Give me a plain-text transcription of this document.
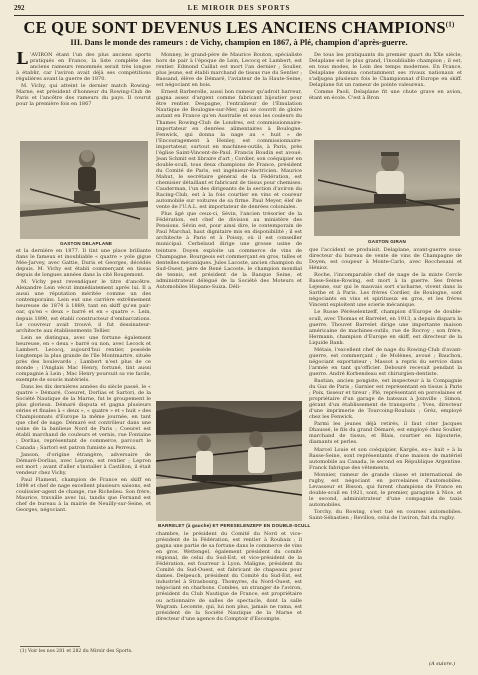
292	LE MIROIR DES SPORTS
CE QUE SONT DEVENUS LES ANCIENS CHAMPIONS$^{(1)}$
III. Dans le monde des rameurs : de Vichy, champion en 1867, à Plé, champion d'après-guerre.

L 'AVIRON étant l'un des plus anciens sports pratiqués en France, la liste complète des anciens rameurs renommés serait très longue à établir, car l'aviron avait déjà ses compétitions régulières avant la guerre de 1870.

M. Vichy, qui atteint le dernier match Rowing-Marne, est président d'honneur du Rowing-Club de Paris et l'ancêtre des rameurs du pays. Il courut pour la première fois en 1867

GASTON DELAPLANE

et la dernière en 1877. Il tint une place brillante dans le fameux et inoubliable « quatre » yole gigue Mée-Jarvey, avec Gattie, Duris et Georges, décédés depuis. M. Vichy est établi commerçant en tissus depuis de longues années dans la cité Rougemont.

M. Vichy peut revendiquer le titre d'ancêtre. Alexandre Lein vécut immédiatement après lui. Il a aussi une réputation méritée comme un des contemporains. Lein eut une carrière extrêmement heureuse de 1874 à 1889, tant en skiff qu'en pair-oar, qu'en « deux » barré et en « quatre ». Lein, depuis 1890, est établi constructeur d'embarcations. Le couvreur avait trouvé, il fut dessinateur-architecte aux établissements Tellier.

Lein se distingua, avec une fortune également heureuse, en « deux » barré ou non, avec Lecock et Lambert. Lecocq, aujourd'hui rentier, possède longtemps la plus grande de l'île Montmartre, située près des boulevards ; Lambert n'est plus de ce monde ; l'Anglais Mac Henry, fortuné, tint aussi compagnie à Lein ; Mac Henry poursuit sa vie facile, exempte de soucis matériels.

Dans les dix dernières années du siècle passé, le « quatre » Démaré, Coeuret, Dorlias et Sartori, de la Société Nautique de la Marne, fut le groupement le plus glorieux. Démaré disputa et gagna plusieurs séries et finales à « deux », « quatre » et « huit » des Championnats d'Europe la même journée, en tant que chef de nage. Démaré est contrôleur dans une usine de la banlieue Nord de Paris ; Coeuret est établi marchand de couleurs et vernis, rue Fontaine ; Dorlias, représentant de commerce, parcourt le Canada ; Sartori est patron fumiste au Perreux.

Janson, d'origine étrangère, adversaire de Démaré-Dorlias, avec Lepron, est rentier ; Lepron est mort ; avant d'aller s'installer à Castillon, il était vendeur chez Vichy.

Paul Flament, champion de France en skiff en 1898 et chef de nage excellent plusieurs saisons, est coulissier-agent de change, rue Richelieu. Son frère, Maurice, travaille avec lui, tandis que Fernand est chef de bureau à la mairie de Neuilly-sur-Seine, et Georges, négociant.

Monney, le grand-père de Maurice Bouton, spécialiste hors de pair à l'époque de Lein, Lecocq et Lambert, est rentier. Edmond Caillat est mort l'an dernier ; Soulier, plus jeune, est établi marchand de tissus rue du Sentier ; Bassand, élève de Démaré, l'aviateur de la Haute-Seine, est négociant en bois.

Ernest Barberolle, aussi bon rameur qu'adroit barreur, gagna assez d'argent comme fabricant bijoutier pour être rentier. Despagne, l'entraîneur de l'Émulation Nautique de Boulogne-sur-Mer, qui se couvrit de gloire autant en France qu'en Australie et sous les couleurs du Thames Rowing-Club de Londres, est commissionnaire-importateur en denrées alimentaires à Boulogne. Fenwick, qui donna la nage au « huit » de l'Encouragement à Henley, est commissionnaire-importateur, surtout en machines-outils, à Paris, près l'église Saint-Vincent-de-Paul. Francis Boudin est avoué. Jean Schmit est libraire d'art ; Cordier, son coéquipier en double-scull, tous deux champions de France, président du Comité de Paris, est ingénieur-électricien. Maurice Mahut, le secrétaire général de la Fédération, est chemisier détaillant et fabricant de tissus pour chemises. Cauderman, l'un des dirigeants de la section d'aviron du Racing-Club, est à la fois courtier en vins et coureur automobile sur voitures de sa firme. Paul Meyer, élef de vente de l'U.A.L. est importateur de denrées coloniales.

Plus âgé que ceux-ci, Sévin, l'ancien trésorier de la Fédération, est chef de division au ministère des Pensions. Sévin est, pour ainsi dire, le contemporain de Paul Marchal, haut dignitaire mis en disponibilité ; il est architecte à Paris et à Poissy, où il est conseiller municipal. Cerbelaud dirige une grosse usine de teinture. Doyen exploite un commerce de vins de Champagne. Bourgeois est commerçant en gros, tulles et dentelles mécaniques. Jules Lacoste, ancien champion du Sud-Ouest, père de René Lacoste, le champion mondial de tennis, est président de la Banque Seine, et administrateur délégué de la Société des Moteurs et Automobiles Hispano-Suiza. Déli-

De tous les pratiquants du premier quart du XXe siècle, Delaplane est le plus grand, l'inoubliable champion ; il est, en tous modes, le Lein des temps modernes. En France, Delaplane domina constamment ses rivaux nationaux et s'adjugea plusieurs fois le Championnat d'Europe en skiff. Delaplane fut un rameur de pointe valeureux.

Comme Paoli, Delaplane fit une chute grave en avion, étant en école. C'est à Bron

GASTON GIRAN

que l'accident se produisit. Delaplane, avant-guerre sous-directeur du bureau de vente de vins de Champagne de Doyen, est coupeur à Monte-Carlo, avec Rocchesani et Hénioz.

Roche, l'incomparable chef de nage de la mixte Cercle Basse-Seine-Rowing, est mort à la guerre. Ses frères Lejeune, sur qui le mauvais sort s'acharne, vivent dans la Sarthe et à Paris. Les frères Cordier, de Boulogne, sont négociants en vins et spiritueux en gros, et les frères Vincent exploitent une scierie mécanique.

Le Russe Péréselentzeff, champion d'Europe de double-scull, avec Thomas et Barrelet, en 1913, a depuis disparu la guerre. Thouvet Barrelet dirige une importante maison américaine de machines-outils, rue de Rocroy ; son frère, Hermann, champion d'Europe en skiff, est directeur de la Liquide Bank.

Métais, l'excellent chef de nage du Rowing-Club d'avant-guerre, est commerçant ; de Molènes, avoué ; Bauchon, négociant exportateur ; Massot a repris du service dans l'armée en tant qu'officier. Debouré recevait pendant la guerre. André Korbendeau est chirurgien-dentiste.

Bastian, ancien pongiste, est inspecteur à la Compagnie du Gaz de Paris ; Garnier est représentant en tissus à Paris ; Poix, tisseur et tireur ; Plé, représentant en porcelaines et propriétaire d'un garage de bateaux à Joinville ; Simon, gérant d'un établissement de transports ; Yves, directeur d'une imprimerie de Tourcoing-Roubaix ; Gréz, employé chez les Fenwick.

Parmi les jeunes déjà retirés, il faut citer Jacques Dhaussé, le fils du grand Démaré, est employé chez Soulier, marchand de tissus, et Blais, courtier en bijouterie, diamants et perles.

Marcel Louie et son coéquipier, Kargès, ex-« huit » à la Basse-Seine, sont représentants d'une maison de matériel automobile au Canada, le second en République Argentine. Franck fabrique des vêtements.

Monnier, rameur de grande classe et international de rugby, est négociant en porcelaines d'automobiles. Levasseur et Bisson, qui furent champions de France en double-scull en 1921, sont, le premier, garagiste à Nice, et le second, administrateur d'une compagnie de taxis automobiles.

Torchy, du Rowing, s'est tué en courses automobiles. Saint-Sébastien ; Revillon, celui de l'aviron, fait du rugby.

BARRELET (à gauche) ET PERESELENZEFF EN DOUBLE-SCULL

chambre, le président du Comité du Nord et vice-président de la Fédération, est rentier à Roubaix ; il gagna une partie de sa fortune dans le commerce de vins en gros. Wettengel, également président du comité régional, de celui du Sud-Est, et vice-président de la Fédération, est fourreur à Lyon. Maligne, président du Comité du Sud-Ouest, est fabricant de chapeaux pour dames. Delpeuch, président du Comité du Sud-Est, est industriel à Strasbourg. Thomyres, du Nord-Ouest, est négociant en charbons. Combes, un stranger de l'aviron, président du Club Nautique de France, est propriétaire ou actionnaire de salles de spectacle, dont la salle Wagram. Lecomte, qui, lui non plus, jamais ne rama, est président de la Société Nautique de la Marne et directeur d'une agence du Comptoir d'Escompte.

(1) Voir les nos 281 et 282 du Miroir des Sports.
(A suivre.)
